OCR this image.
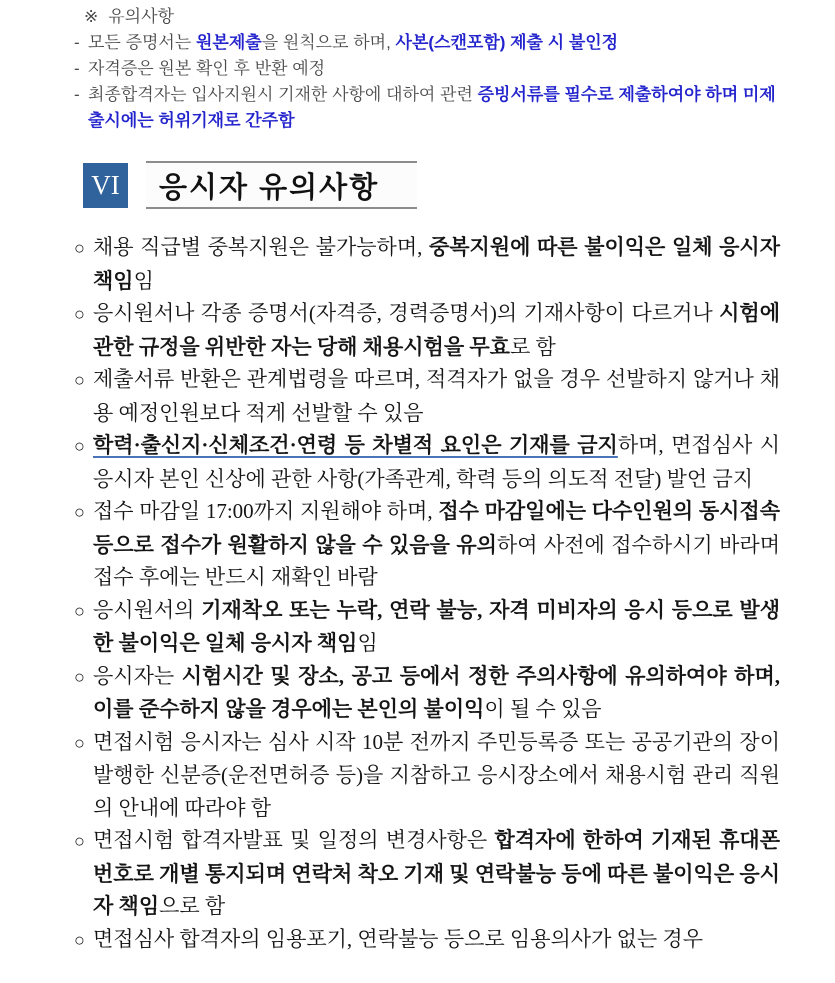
※ 유의사항
- 모든 증명서는 원본제출을 원칙으로 하며, 사본(스캔포함) 제출 시 불인정
- 자격증은 원본 확인 후 반환 예정
- 최종합격자는 입사지원시 기재한 사항에 대하여 관련 증빙서류를 필수로 제출하여야 하며 미제출시에는 허위기재로 간주함
VI	응시자 유의사항
○ 채용 직급별 중복지원은 불가능하며, 중복지원에 따른 불이익은 일체 응시자 책임임
○ 응시원서나 각종 증명서(자격증, 경력증명서)의 기재사항이 다르거나 시험에 관한 규정을 위반한 자는 당해 채용시험을 무효로 함
○ 제출서류 반환은 관계법령을 따르며, 적격자가 없을 경우 선발하지 않거나 채용 예정인원보다 적게 선발할 수 있음
○ 학력·출신지·신체조건·연령 등 차별적 요인은 기재를 금지하며, 면접심사 시 응시자 본인 신상에 관한 사항(가족관계, 학력 등의 의도적 전달) 발언 금지
○ 접수 마감일 17:00까지 지원해야 하며, 접수 마감일에는 다수인원의 동시접속 등으로 접수가 원활하지 않을 수 있음을 유의하여 사전에 접수하시기 바라며 접수 후에는 반드시 재확인 바람
○ 응시원서의 기재착오 또는 누락, 연락 불능, 자격 미비자의 응시 등으로 발생한 불이익은 일체 응시자 책임임
○ 응시자는 시험시간 및 장소, 공고 등에서 정한 주의사항에 유의하여야 하며, 이를 준수하지 않을 경우에는 본인의 불이익이 될 수 있음
○ 면접시험 응시자는 심사 시작 10분 전까지 주민등록증 또는 공공기관의 장이 발행한 신분증(운전면허증 등)을 지참하고 응시장소에서 채용시험 관리 직원의 안내에 따라야 함
○ 면접시험 합격자발표 및 일정의 변경사항은 합격자에 한하여 기재된 휴대폰 번호로 개별 통지되며 연락처 착오 기재 및 연락불능 등에 따른 불이익은 응시자 책임으로 함
○ 면접심사 합격자의 임용포기, 연락불능 등으로 임용의사가 없는 경우
